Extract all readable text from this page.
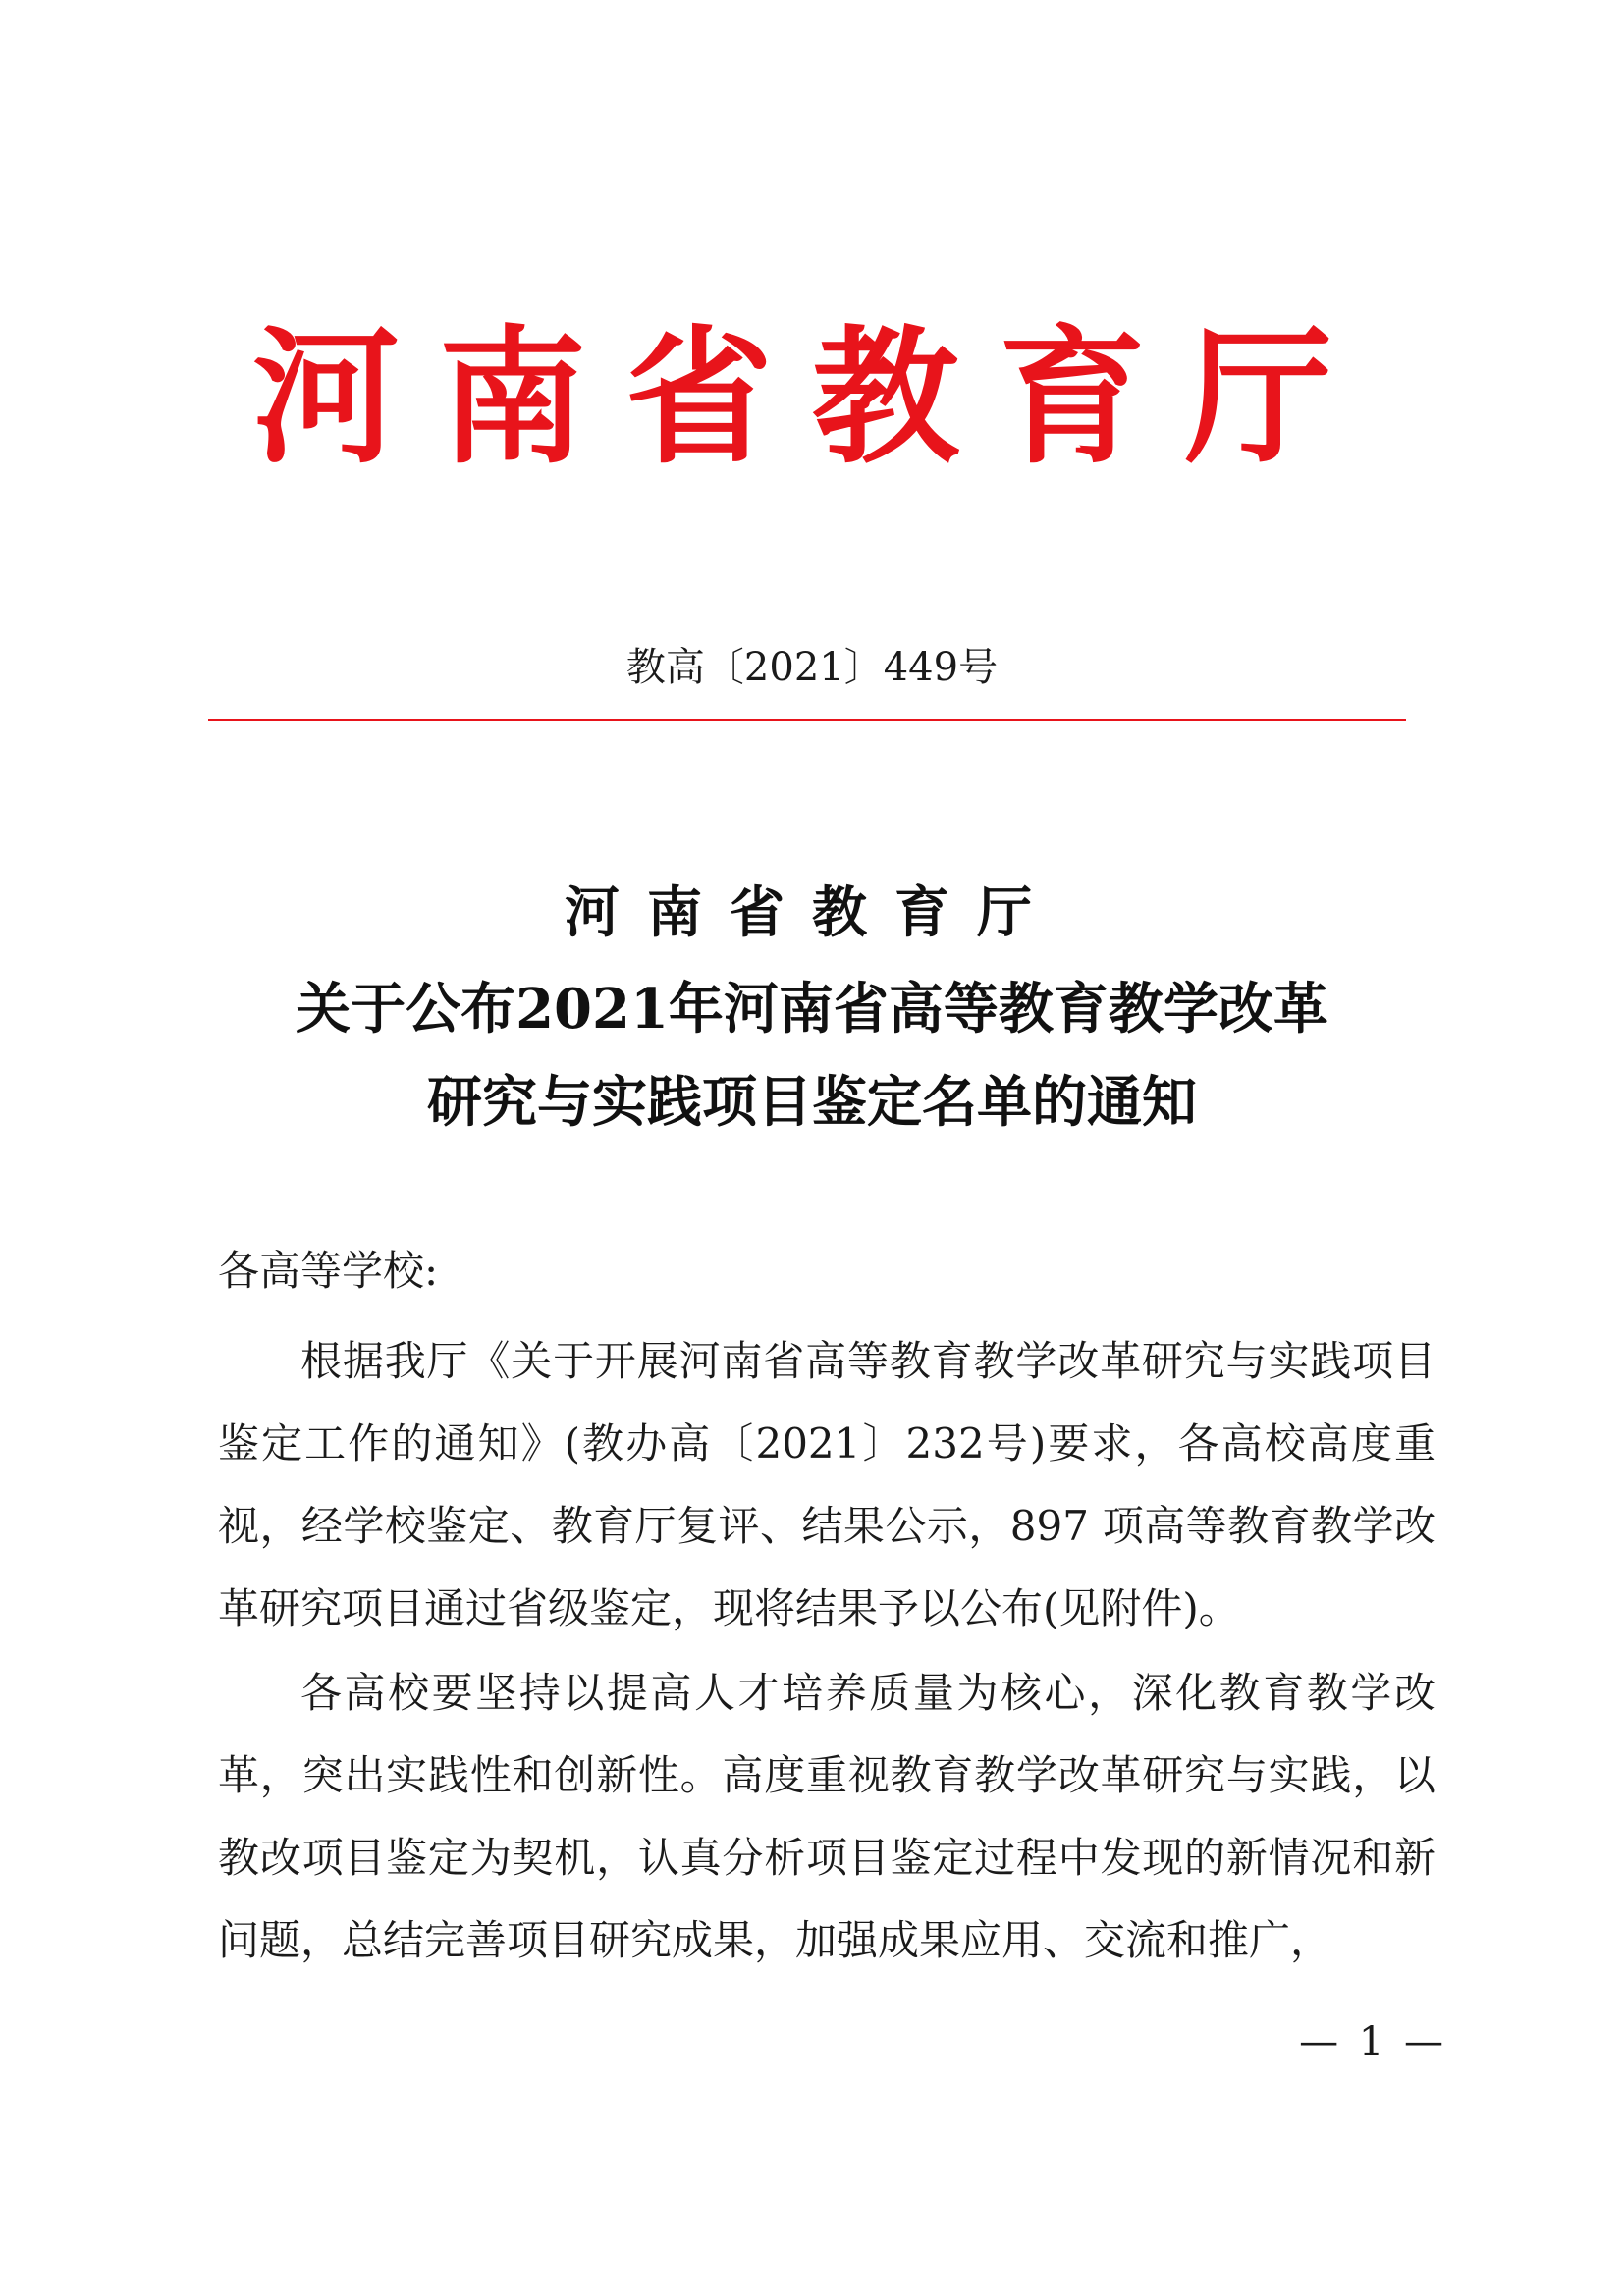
河南省教育厅
教高〔2021〕449号
河南省教育厅
关于公布2021年河南省高等教育教学改革
研究与实践项目鉴定名单的通知
各高等学校:

根据我厅《关于开展河南省高等教育教学改革研究与实践项目鉴定工作的通知》(教办高〔2021〕232号)要求，各高校高度重视，经学校鉴定、教育厅复评、结果公示，897 项高等教育教学改革研究项目通过省级鉴定，现将结果予以公布(见附件)。

各高校要坚持以提高人才培养质量为核心，深化教育教学改革，突出实践性和创新性。高度重视教育教学改革研究与实践，以教改项目鉴定为契机，认真分析项目鉴定过程中发现的新情况和新问题，总结完善项目研究成果，加强成果应用、交流和推广，

— 1 —
